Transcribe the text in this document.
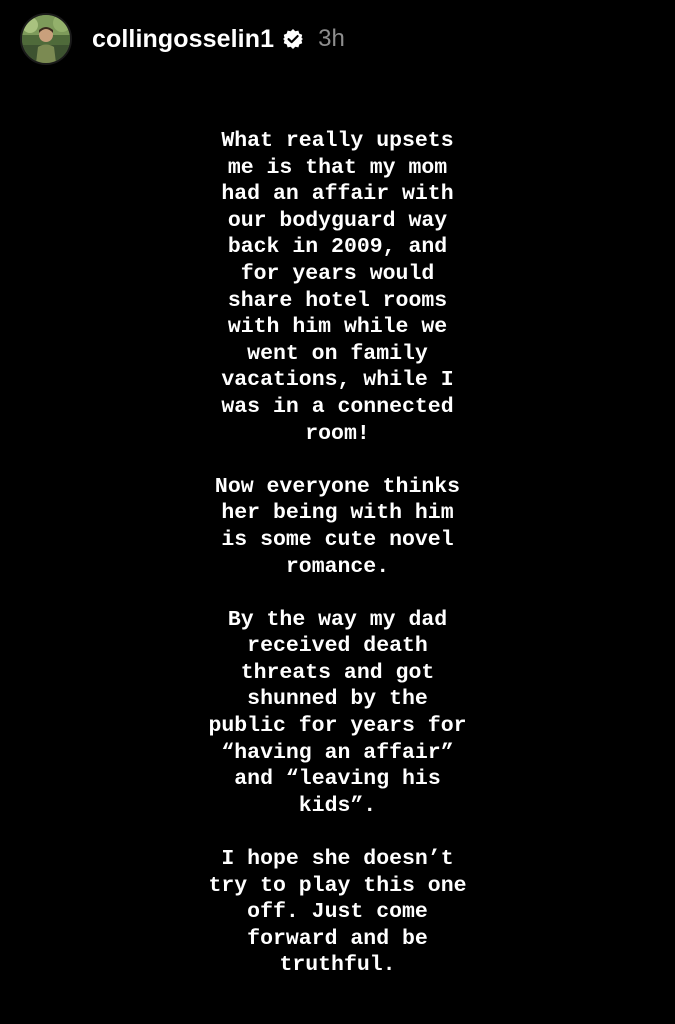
collingosselin1 3h

What really upsets
me is that my mom
had an affair with
our bodyguard way
back in 2009, and
for years would
share hotel rooms
with him while we
went on family
vacations, while I
was in a connected
room!

Now everyone thinks
her being with him
is some cute novel
romance.

By the way my dad
received death
threats and got
shunned by the
public for years for
“having an affair”
and “leaving his
kids”.

I hope she doesn’t
try to play this one
off. Just come
forward and be
truthful.
